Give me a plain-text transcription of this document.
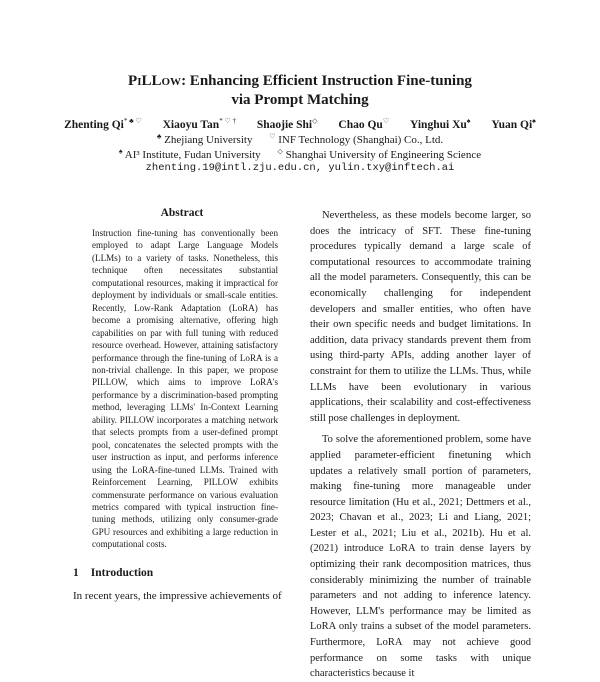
PiLLow: Enhancing Efficient Instruction Fine-tuning
via Prompt Matching
Zhenting Qi* ♣ ♡ Xiaoyu Tan* ♡ † Shaojie Shi◇ Chao Qu♡ Yinghui Xu♠ Yuan Qi♠
♣ Zhejiang University ♡ INF Technology (Shanghai) Co., Ltd.
♠ AI³ Institute, Fudan University ◇ Shanghai University of Engineering Science
zhenting.19@intl.zju.edu.cn, yulin.txy@inftech.ai
Abstract
Instruction fine-tuning has conventionally been employed to adapt Large Language Models (LLMs) to a variety of tasks. Nonetheless, this technique often necessitates substantial computational resources, making it impractical for deployment by individuals or small-scale entities. Recently, Low-Rank Adaptation (LoRA) has become a promising alternative, offering high capabilities on par with full tuning with reduced resource overhead. However, attaining satisfactory performance through the fine-tuning of LoRA is a non-trivial challenge. In this paper, we propose PILLOW, which aims to improve LoRA's performance by a discrimination-based prompting method, leveraging LLMs' In-Context Learning ability. PILLOW incorporates a matching network that selects prompts from a user-defined prompt pool, concatenates the selected prompts with the user instruction as input, and performs inference using the LoRA-fine-tuned LLMs. Trained with Reinforcement Learning, PILLOW exhibits commensurate performance on various evaluation metrics compared with typical instruction fine-tuning methods, utilizing only consumer-grade GPU resources and exhibiting a large reduction in computational costs.
1 Introduction
In recent years, the impressive achievements of

Nevertheless, as these models become larger, so does the intricacy of SFT. These fine-tuning procedures typically demand a large scale of computational resources to accommodate training all the model parameters. Consequently, this can be economically challenging for independent developers and smaller entities, who often have their own specific needs and budget limitations. In addition, data privacy standards prevent them from using third-party APIs, adding another layer of constraint for them to utilize the LLMs. Thus, while LLMs have been evolutionary in various applications, their scalability and cost-effectiveness still pose challenges in deployment.

To solve the aforementioned problem, some have applied parameter-efficient finetuning which updates a relatively small portion of parameters, making fine-tuning more manageable under resource limitation (Hu et al., 2021; Dettmers et al., 2023; Chavan et al., 2023; Li and Liang, 2021; Lester et al., 2021; Liu et al., 2021b). Hu et al. (2021) introduce LoRA to train dense layers by optimizing their rank decomposition matrices, thus considerably minimizing the number of trainable parameters and not adding to inference latency. However, LLM's performance may be limited as LoRA only trains a subset of the model parameters. Furthermore, LoRA may not achieve good performance on some tasks with unique characteristics because it
